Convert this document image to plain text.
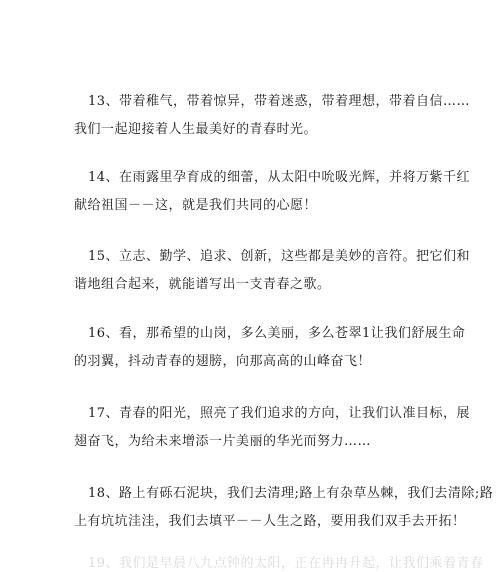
13、带着稚气，带着惊异，带着迷惑，带着理想，带着自信……
我们一起迎接着人生最美好的青春时光。
14、在雨露里孕育成的细蕾，从太阳中吮吸光辉，并将万紫千红
献给祖国－－这，就是我们共同的心愿！
15、立志、勤学、追求、创新，这些都是美妙的音符。把它们和
谐地组合起来，就能谱写出一支青春之歌。
16、看，那希望的山岗，多么美丽，多么苍翠1让我们舒展生命
的羽翼，抖动青春的翅膀，向那高高的山峰奋飞！
17、青春的阳光，照亮了我们追求的方向，让我们认准目标，展
翅奋飞，为给未来增添一片美丽的华光而努力……
18、路上有砾石泥块，我们去清理;路上有杂草丛棘，我们去清除;路
上有坑坑洼洼，我们去填平－－人生之路，要用我们双手去开拓！
19、我们是早晨八九点钟的太阳，正在冉冉升起，让我们乘着青春
